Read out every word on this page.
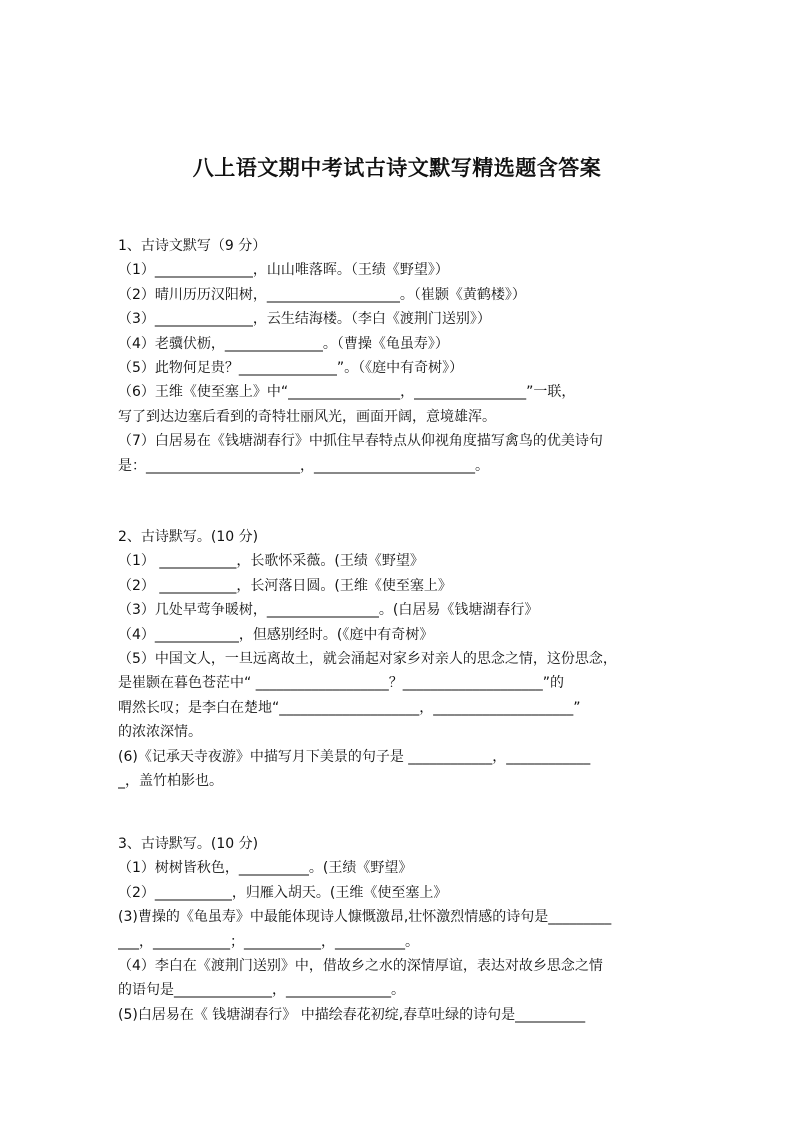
八上语文期中考试古诗文默写精选题含答案
1、古诗文默写（9 分）
（1）______________，山山唯落晖。（王绩《野望》）
（2）晴川历历汉阳树，___________________。（崔颢《黄鹤楼》）
（3）______________，云生结海楼。（李白《渡荆门送别》）
（4）老骥伏枥，______________。（曹操《龟虽寿》）
（5）此物何足贵？______________”。（《庭中有奇树》）
（6）王维《使至塞上》中“________________，________________”一联，
写了到达边塞后看到的奇特壮丽风光，画面开阔，意境雄浑。
（7）白居易在《钱塘湖春行》中抓住早春特点从仰视角度描写禽鸟的优美诗句
是：______________________，_______________________。
2、古诗默写。(10 分)
（1） ___________，长歌怀采薇。(王绩《野望》
（2） ___________，长河落日圆。(王维《使至塞上》
（3）几处早莺争暖树，________________。(白居易《钱塘湖春行》
（4）____________，但感别经时。(《庭中有奇树》
（5）中国文人，一旦远离故土，就会涌起对家乡对亲人的思念之情，这份思念，
是崔颢在暮色苍茫中“ ___________________？____________________”的
喟然长叹；是李白在楚地“____________________，____________________”
的浓浓深情。
(6)《记承天寺夜游》中描写月下美景的句子是 ____________，____________
_，盖竹柏影也。
3、古诗默写。(10 分)
（1）树树皆秋色，__________。(王绩《野望》
（2）___________，归雁入胡天。(王维《使至塞上》
(3)曹操的《龟虽寿》中最能体现诗人慷慨激昂,壮怀激烈情感的诗句是_________
___，___________；___________，__________。
（4）李白在《渡荆门送别》中，借故乡之水的深情厚谊，表达对故乡思念之情
的语句是______________，_______________。
(5)白居易在《 钱塘湖春行》 中描绘春花初绽,春草吐绿的诗句是__________
